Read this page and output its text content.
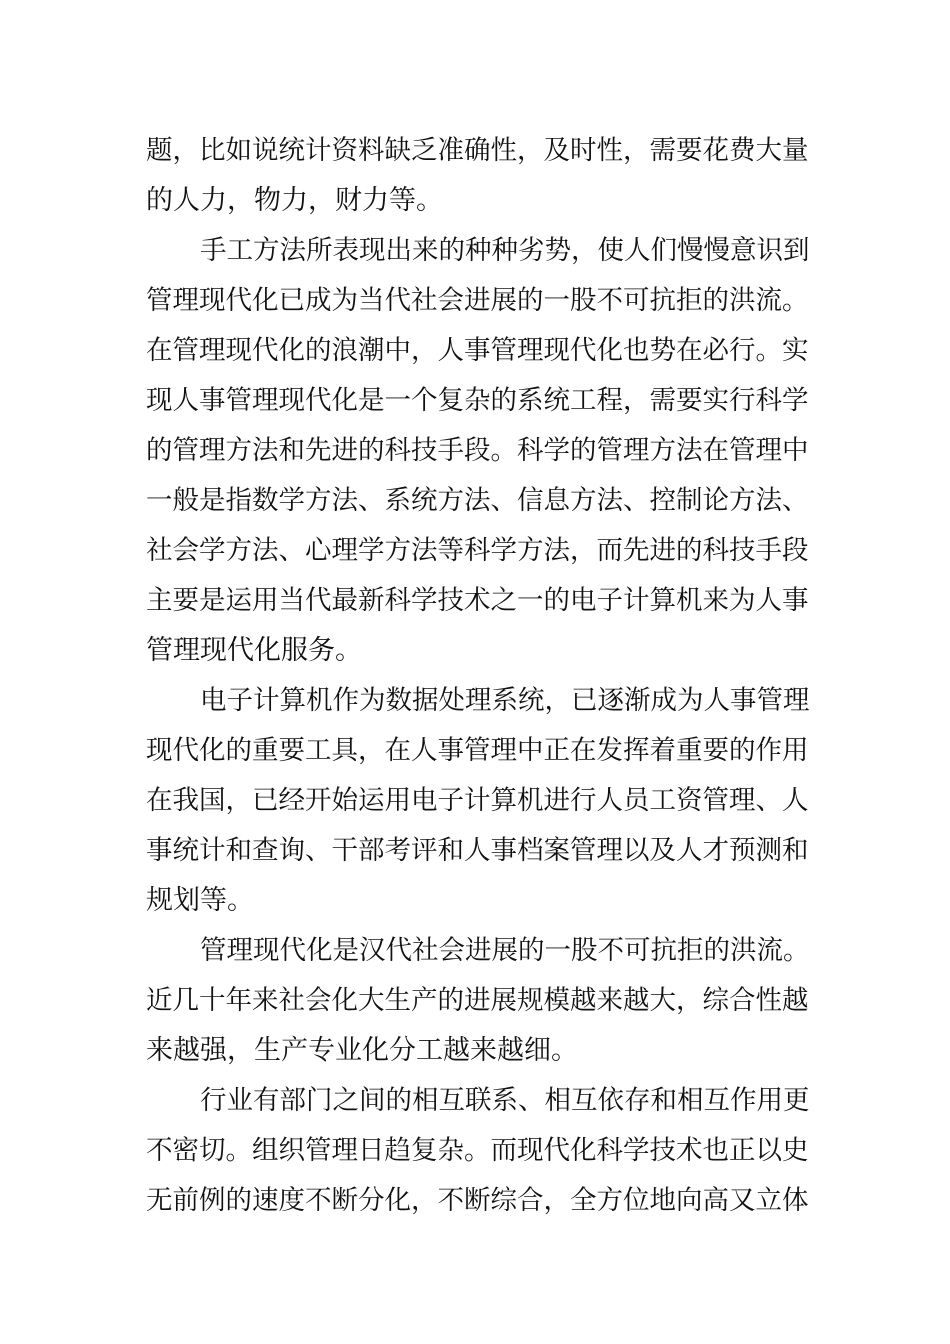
题，比如说统计资料缺乏准确性，及时性，需要花费大量
的人力，物力，财力等。
手工方法所表现出来的种种劣势，使人们慢慢意识到
管理现代化已成为当代社会进展的一股不可抗拒的洪流。
在管理现代化的浪潮中，人事管理现代化也势在必行。实
现人事管理现代化是一个复杂的系统工程，需要实行科学
的管理方法和先进的科技手段。科学的管理方法在管理中
一般是指数学方法、系统方法、信息方法、控制论方法、
社会学方法、心理学方法等科学方法，而先进的科技手段
主要是运用当代最新科学技术之一的电子计算机来为人事
管理现代化服务。
电子计算机作为数据处理系统，已逐渐成为人事管理
现代化的重要工具，在人事管理中正在发挥着重要的作用
在我国，已经开始运用电子计算机进行人员工资管理、人
事统计和查询、干部考评和人事档案管理以及人才预测和
规划等。
管理现代化是汉代社会进展的一股不可抗拒的洪流。
近几十年来社会化大生产的进展规模越来越大，综合性越
来越强，生产专业化分工越来越细。
行业有部门之间的相互联系、相互依存和相互作用更
不密切。组织管理日趋复杂。而现代化科学技术也正以史
无前例的速度不断分化，不断综合，全方位地向高又立体
